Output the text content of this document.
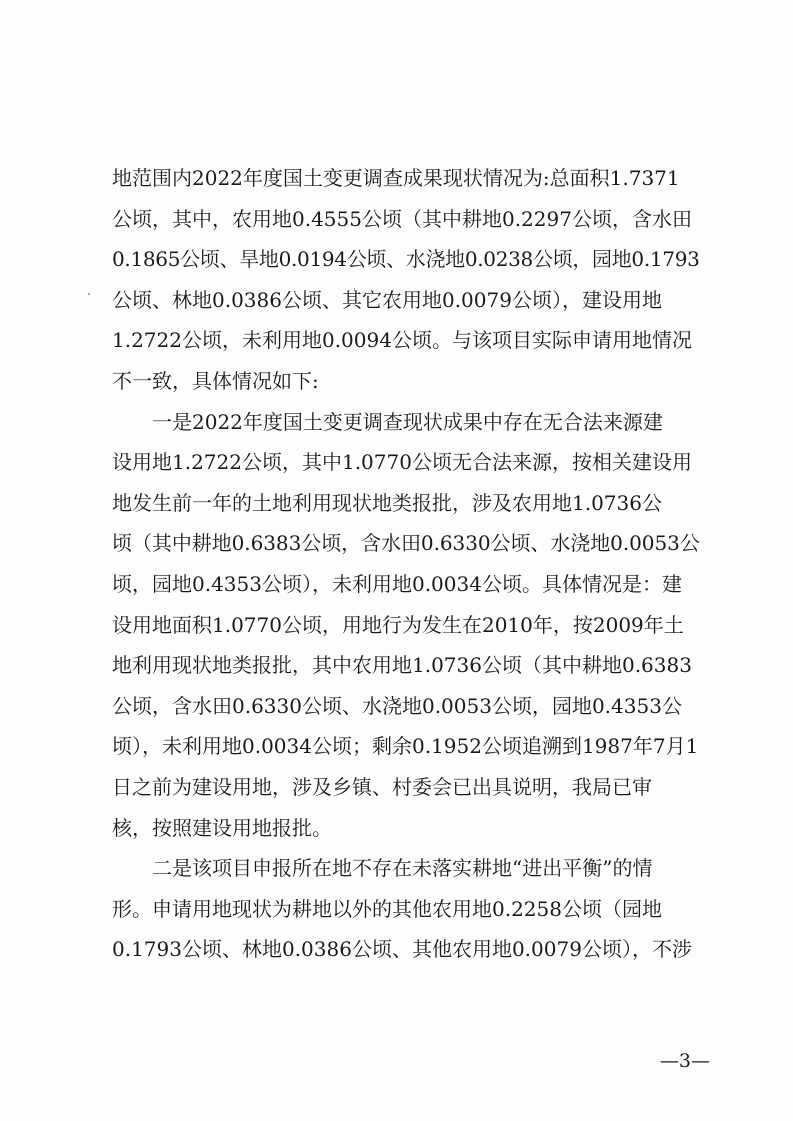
地范围内2022年度国土变更调查成果现状情况为:总面积1.7371
公顷，其中，农用地0.4555公顷（其中耕地0.2297公顷，含水田
0.1865公顷、旱地0.0194公顷、水浇地0.0238公顷，园地0.1793
公顷、林地0.0386公顷、其它农用地0.0079公顷），建设用地
1.2722公顷，未利用地0.0094公顷。与该项目实际申请用地情况
不一致，具体情况如下:
一是2022年度国土变更调查现状成果中存在无合法来源建
设用地1.2722公顷，其中1.0770公顷无合法来源，按相关建设用
地发生前一年的土地利用现状地类报批，涉及农用地1.0736公
顷（其中耕地0.6383公顷，含水田0.6330公顷、水浇地0.0053公
顷，园地0.4353公顷），未利用地0.0034公顷。具体情况是：建
设用地面积1.0770公顷，用地行为发生在2010年，按2009年土
地利用现状地类报批，其中农用地1.0736公顷（其中耕地0.6383
公顷，含水田0.6330公顷、水浇地0.0053公顷，园地0.4353公
顷），未利用地0.0034公顷；剩余0.1952公顷追溯到1987年7月1
日之前为建设用地，涉及乡镇、村委会已出具说明，我局已审
核，按照建设用地报批。
二是该项目申报所在地不存在未落实耕地“进出平衡”的情
形。申请用地现状为耕地以外的其他农用地0.2258公顷（园地
0.1793公顷、林地0.0386公顷、其他农用地0.0079公顷），不涉
—3—
